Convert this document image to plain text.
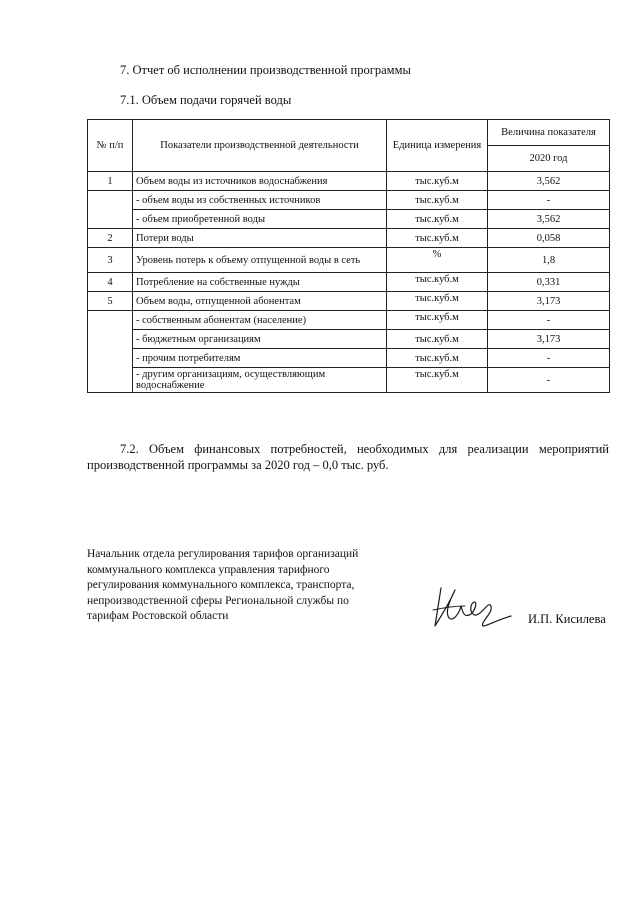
7. Отчет об исполнении производственной программы
7.1. Объем подачи горячей воды
№ п/п	Показатели производственной деятельности	Единица измерения	Величина показателя
			2020 год
1	Объем воды из источников водоснабжения	тыс.куб.м	3,562
	- объем воды из собственных источников	тыс.куб.м	-
	- объем приобретенной воды	тыс.куб.м	3,562
2	Потери воды	тыс.куб.м	0,058
3	Уровень потерь к объему отпущенной воды в сеть	%	1,8
4	Потребление на собственные нужды	тыс.куб.м	0,331
5	Объем воды, отпущенной абонентам	тыс.куб.м	3,173
	- собственным абонентам (население)	тыс.куб.м	-
	- бюджетным организациям	тыс.куб.м	3,173
	- прочим потребителям	тыс.куб.м	-
	- другим организациям, осуществляющим водоснабжение	тыс.куб.м	-
7.2. Объем финансовых потребностей, необходимых для реализации мероприятий производственной программы за 2020 год – 0,0 тыс. руб.
Начальник отдела регулирования тарифов организаций
коммунального комплекса управления тарифного
регулирования коммунального комплекса, транспорта,
непроизводственной сферы Региональной службы по
тарифам Ростовской области	И.П. Кисилева
